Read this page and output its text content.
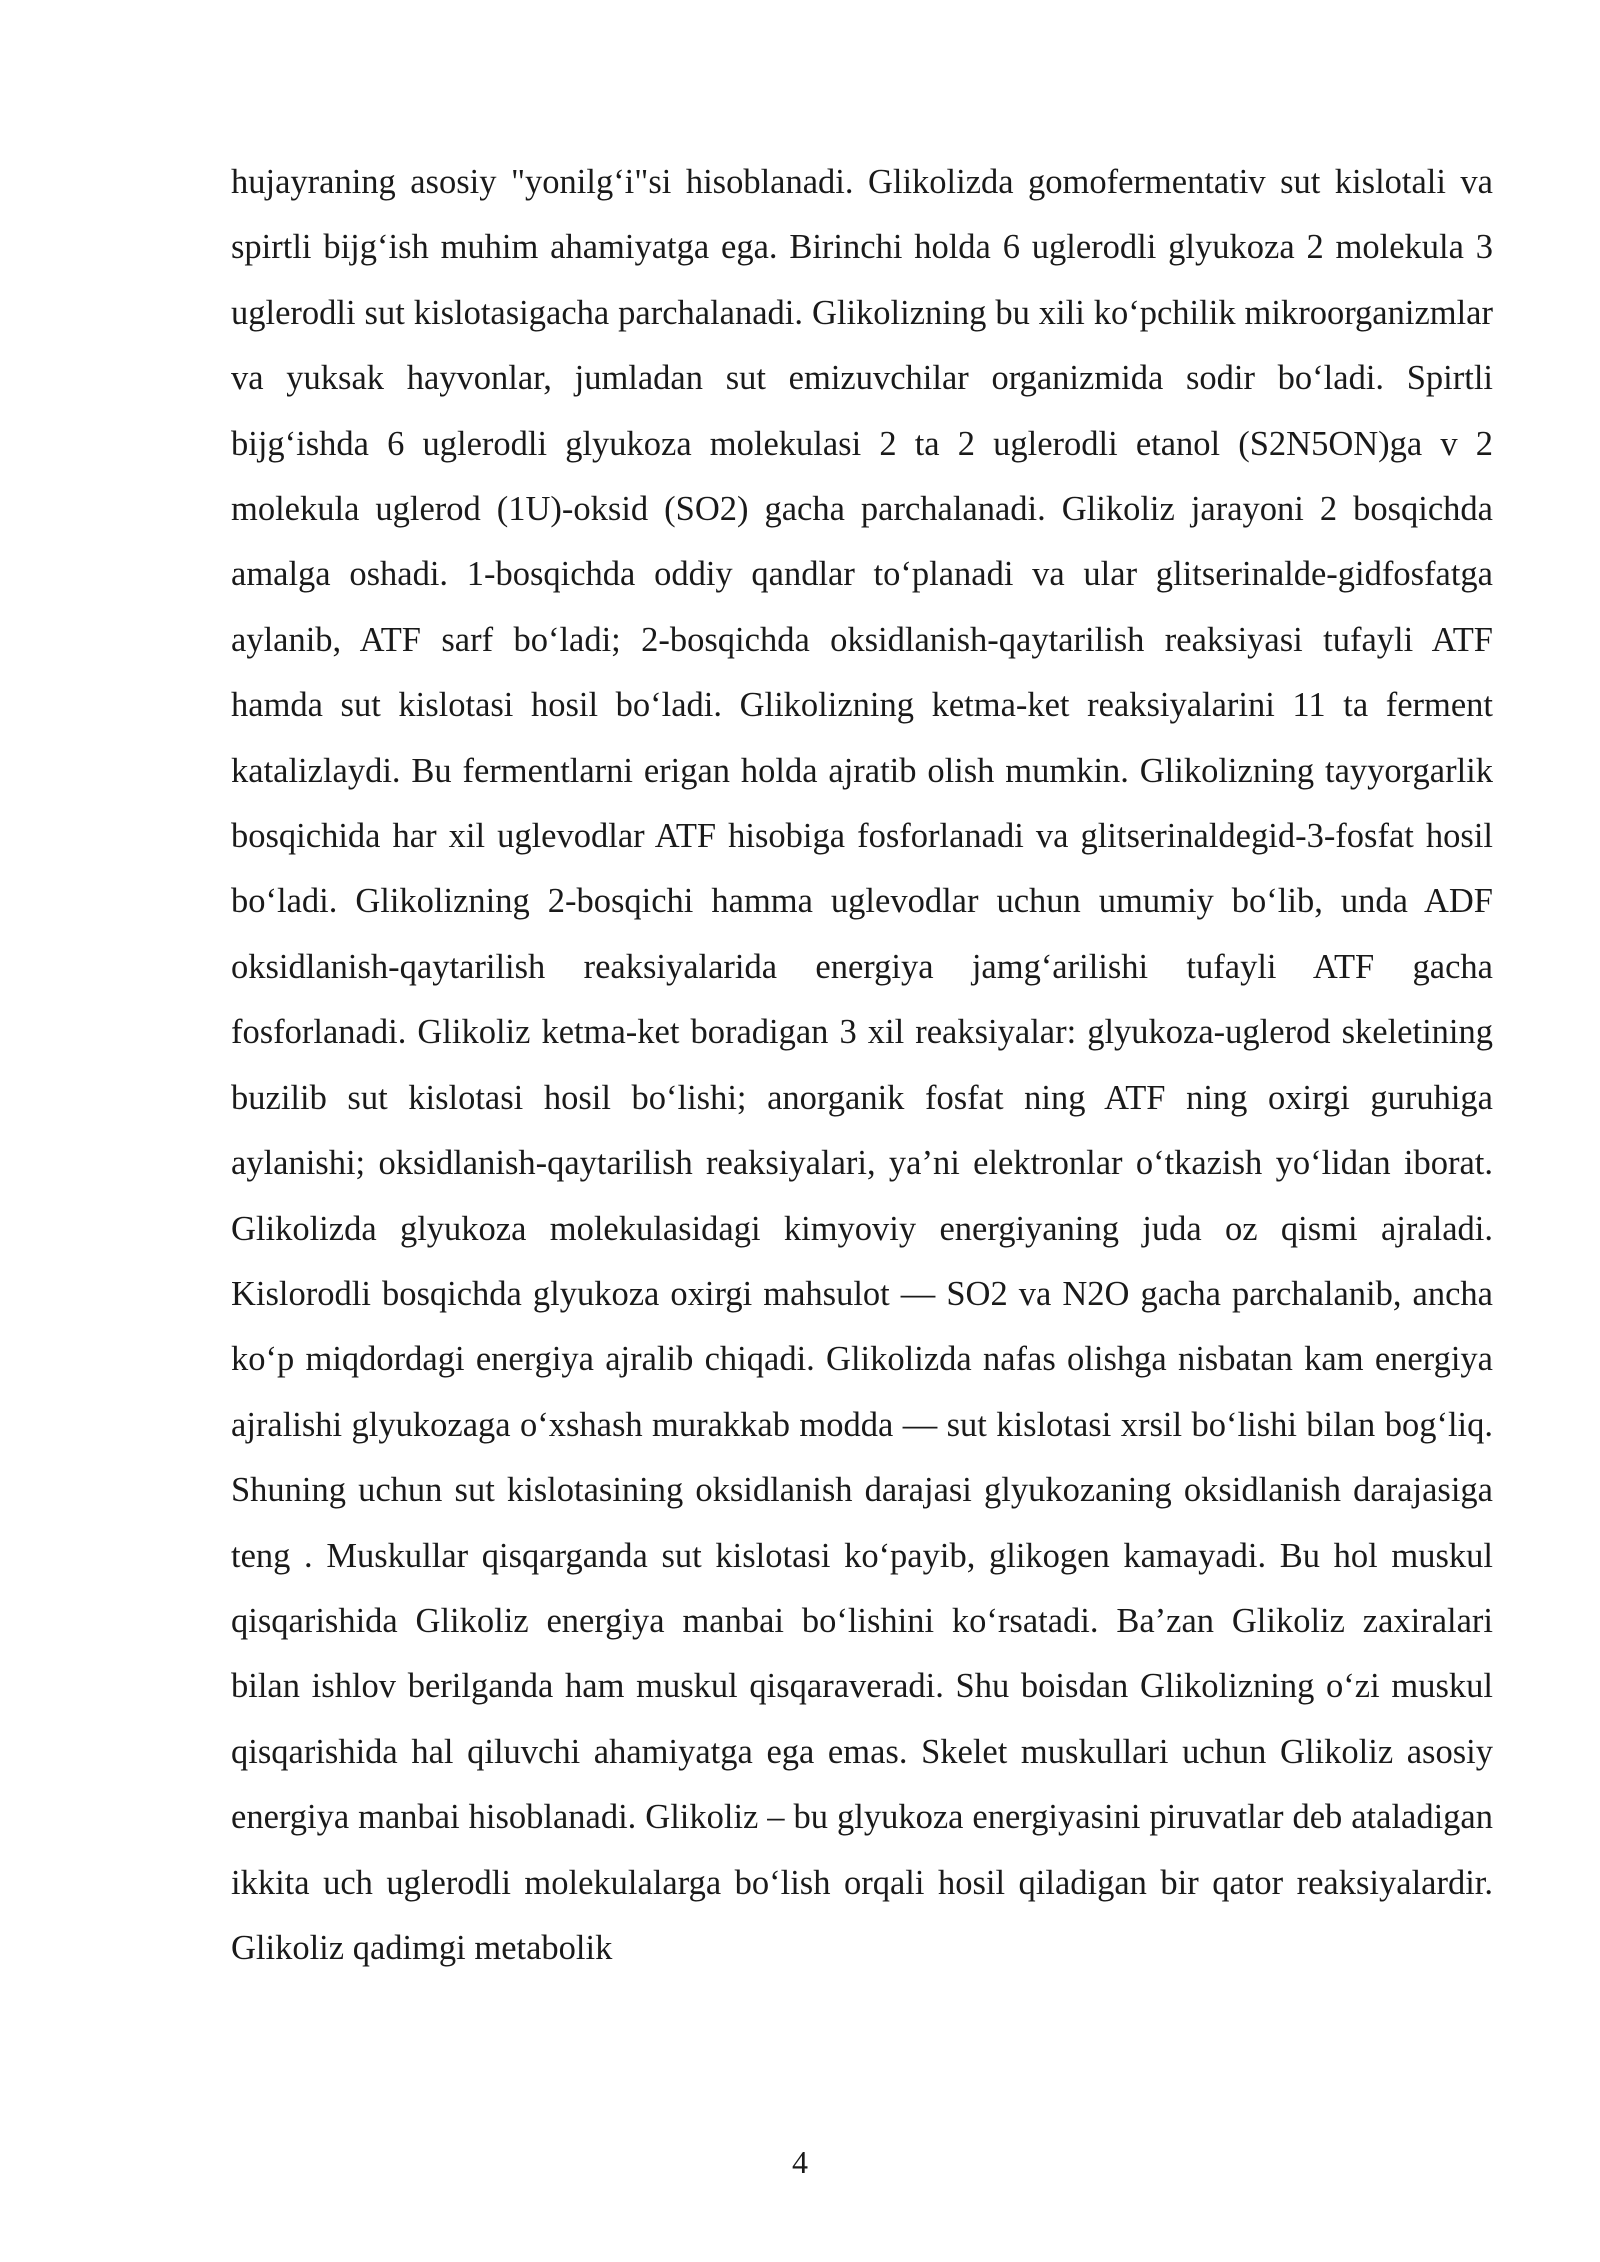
hujayraning asosiy "yonilg‘i"si hisoblanadi. Glikolizda gomofermentativ sut kislotali va spirtli bijg‘ish muhim ahamiyatga ega. Birinchi holda 6 uglerodli glyukoza 2 molekula 3 uglerodli sut kislotasigacha parchalanadi. Glikolizning bu xili ko‘pchilik mikroorganizmlar va yuksak hayvonlar, jumladan sut emizuvchilar organizmida sodir bo‘ladi. Spirtli bijg‘ishda 6 uglerodli glyukoza molekulasi 2 ta 2 uglerodli etanol (S2N5ON)ga v 2 molekula uglerod (1U)-oksid (SO2) gacha parchalanadi. Glikoliz jarayoni 2 bosqichda amalga oshadi. 1-bosqichda oddiy qandlar to‘planadi va ular glitserinalde-gidfosfatga aylanib, ATF sarf bo‘ladi; 2-bosqichda oksidlanish-qaytarilish reaksiyasi tufayli ATF hamda sut kislotasi hosil bo‘ladi. Glikolizning ketma-ket reaksiyalarini 11 ta ferment katalizlaydi. Bu fermentlarni erigan holda ajratib olish mumkin. Glikolizning tayyorgarlik bosqichida har xil uglevodlar ATF hisobiga fosforlanadi va glitserinaldegid-3-fosfat hosil bo‘ladi. Glikolizning 2-bosqichi hamma uglevodlar uchun umumiy bo‘lib, unda ADF oksidlanish-qaytarilish reaksiyalarida energiya jamg‘arilishi tufayli ATF gacha fosforlanadi. Glikoliz ketma-ket boradigan 3 xil reaksiyalar: glyukoza-uglerod skeletining buzilib sut kislotasi hosil bo‘lishi; anorganik fosfat ning ATF ning oxirgi guruhiga aylanishi; oksidlanish-qaytarilish reaksiyalari, ya’ni elektronlar o‘tkazish yo‘lidan iborat. Glikolizda glyukoza molekulasidagi kimyoviy energiyaning juda oz qismi ajraladi. Kislorodli bosqichda glyukoza oxirgi mahsulot — SO2 va N2O gacha parchalanib, ancha ko‘p miqdordagi energiya ajralib chiqadi. Glikolizda nafas olishga nisbatan kam energiya ajralishi glyukozaga o‘xshash murakkab modda — sut kislotasi xrsil bo‘lishi bilan bog‘liq. Shuning uchun sut kislotasining oksidlanish darajasi glyukozaning oksidlanish darajasiga teng . Muskullar qisqarganda sut kislotasi ko‘payib, glikogen kamayadi. Bu hol muskul qisqarishida Glikoliz energiya manbai bo‘lishini ko‘rsatadi. Ba’zan Glikoliz zaxiralari bilan ishlov berilganda ham muskul qisqaraveradi. Shu boisdan Glikolizning o‘zi muskul qisqarishida hal qiluvchi ahamiyatga ega emas. Skelet muskullari uchun Glikoliz asosiy energiya manbai hisoblanadi. Glikoliz – bu glyukoza energiyasini piruvatlar deb ataladigan ikkita uch uglerodli molekulalarga bo‘lish orqali hosil qiladigan bir qator reaksiyalardir. Glikoliz qadimgi metabolik

4
